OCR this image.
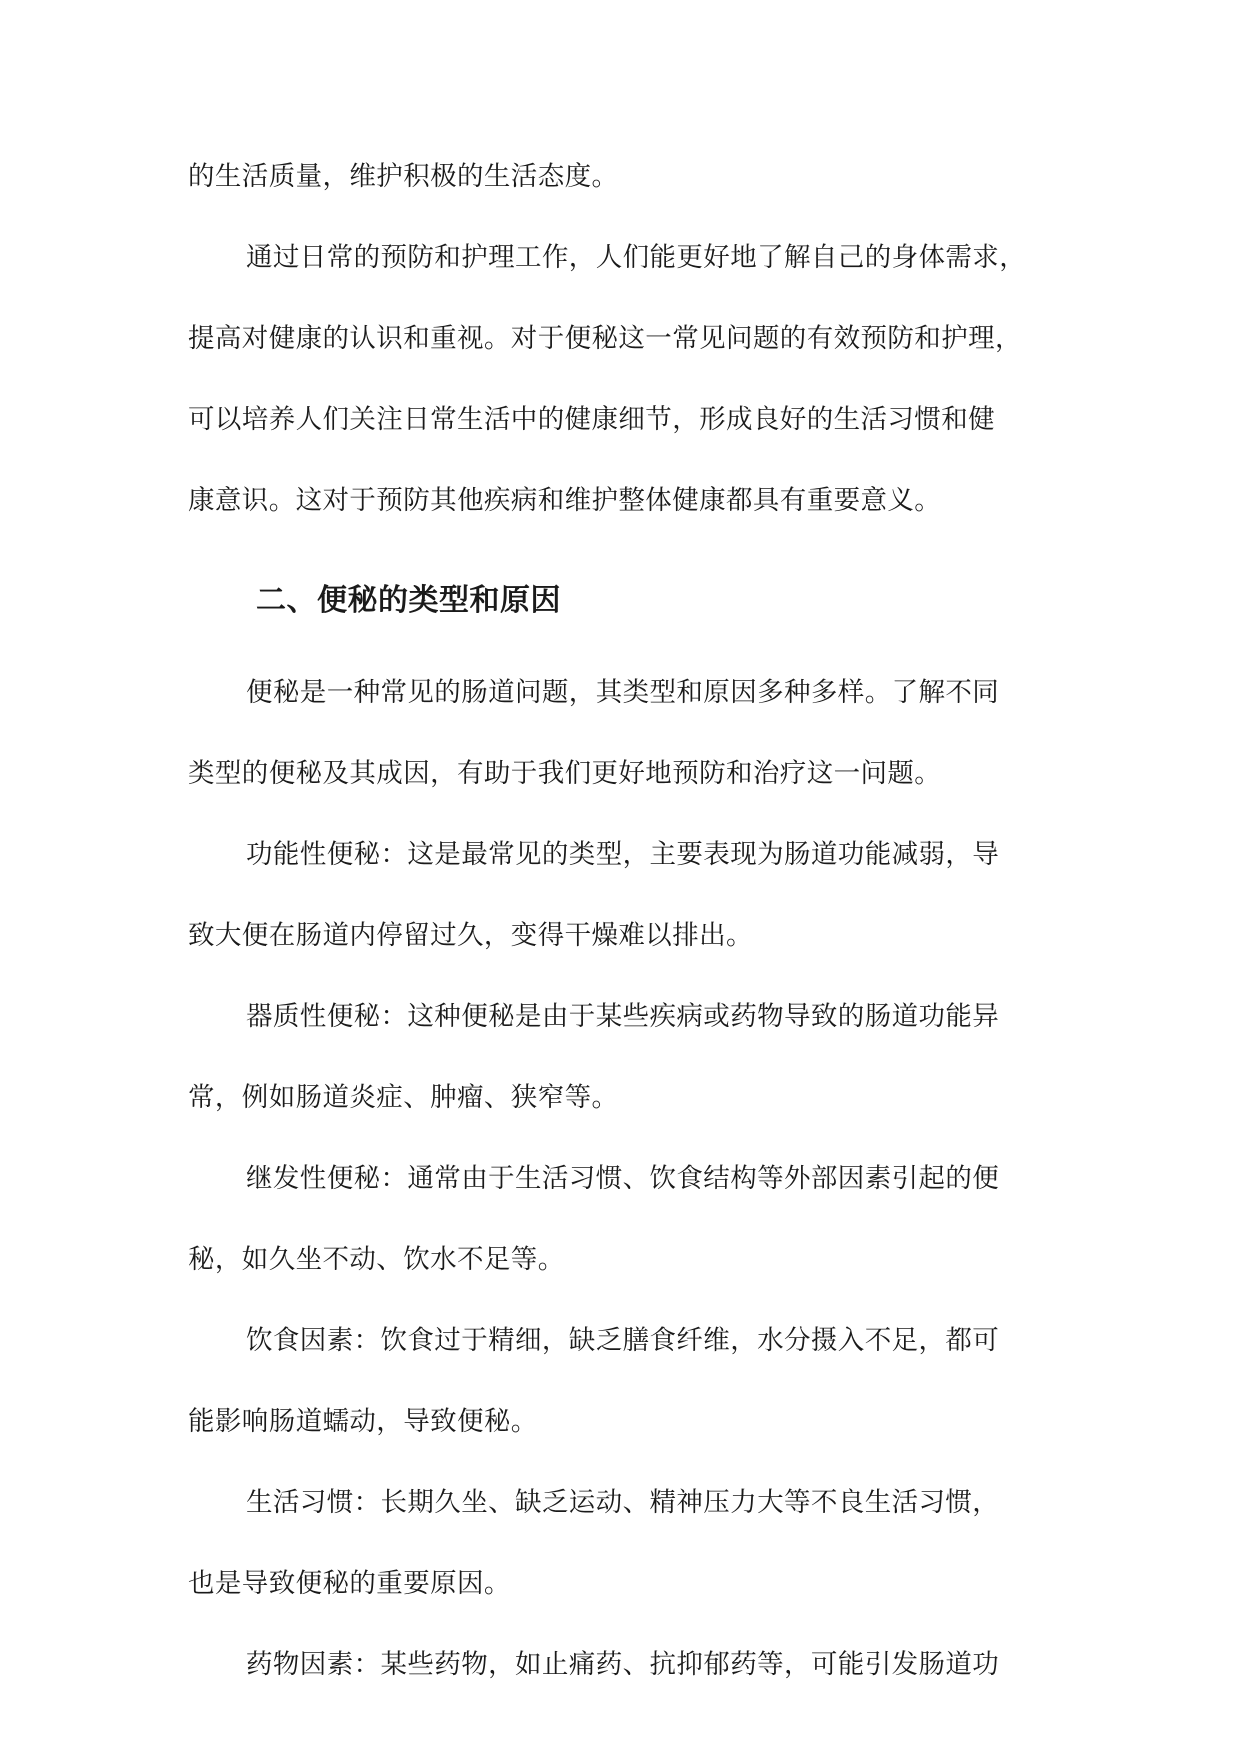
的生活质量，维护积极的生活态度。
通过日常的预防和护理工作，人们能更好地了解自己的身体需求，
提高对健康的认识和重视。对于便秘这一常见问题的有效预防和护理，
可以培养人们关注日常生活中的健康细节，形成良好的生活习惯和健
康意识。这对于预防其他疾病和维护整体健康都具有重要意义。
二、便秘的类型和原因
便秘是一种常见的肠道问题，其类型和原因多种多样。了解不同
类型的便秘及其成因，有助于我们更好地预防和治疗这一问题。
功能性便秘：这是最常见的类型，主要表现为肠道功能减弱，导
致大便在肠道内停留过久，变得干燥难以排出。
器质性便秘：这种便秘是由于某些疾病或药物导致的肠道功能异
常，例如肠道炎症、肿瘤、狭窄等。
继发性便秘：通常由于生活习惯、饮食结构等外部因素引起的便
秘，如久坐不动、饮水不足等。
饮食因素：饮食过于精细，缺乏膳食纤维，水分摄入不足，都可
能影响肠道蠕动，导致便秘。
生活习惯：长期久坐、缺乏运动、精神压力大等不良生活习惯，
也是导致便秘的重要原因。
药物因素：某些药物，如止痛药、抗抑郁药等，可能引发肠道功
